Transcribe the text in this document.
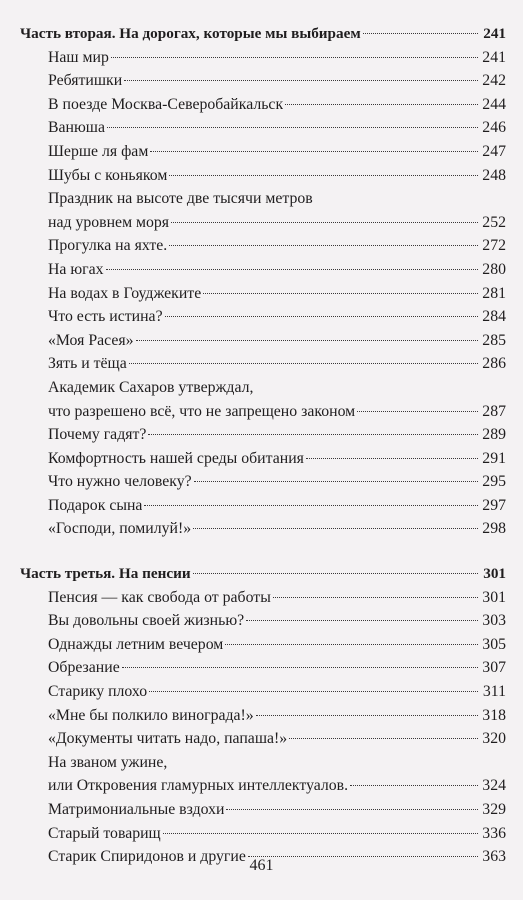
Часть вторая. На дорогах, которые мы выбираем	241
Наш мир	241
Ребятишки	242
В поезде Москва-Северобайкальск	244
Ванюша	246
Шерше ля фам	247
Шубы с коньяком	248
Праздник на высоте две тысячи метров
над уровнем моря	252
Прогулка на яхте.	272
На югах	280
На водах в Гоуджеките	281
Что есть истина?	284
«Моя Расея»	285
Зять и тёща	286
Академик Сахаров утверждал,
что разрешено всё, что не запрещено законом	287
Почему гадят?	289
Комфортность нашей среды обитания	291
Что нужно человеку?	295
Подарок сына	297
«Господи, помилуй!»	298
Часть третья. На пенсии	301
Пенсия — как свобода от работы	301
Вы довольны своей жизнью?	303
Однажды летним вечером	305
Обрезание	307
Старику плохо	311
«Мне бы полкило винограда!»	318
«Документы читать надо, папаша!»	320
На званом ужине,
или Откровения гламурных интеллектуалов.	324
Матримониальные вздохи	329
Старый товарищ	336
Старик Спиридонов и другие	363
461
